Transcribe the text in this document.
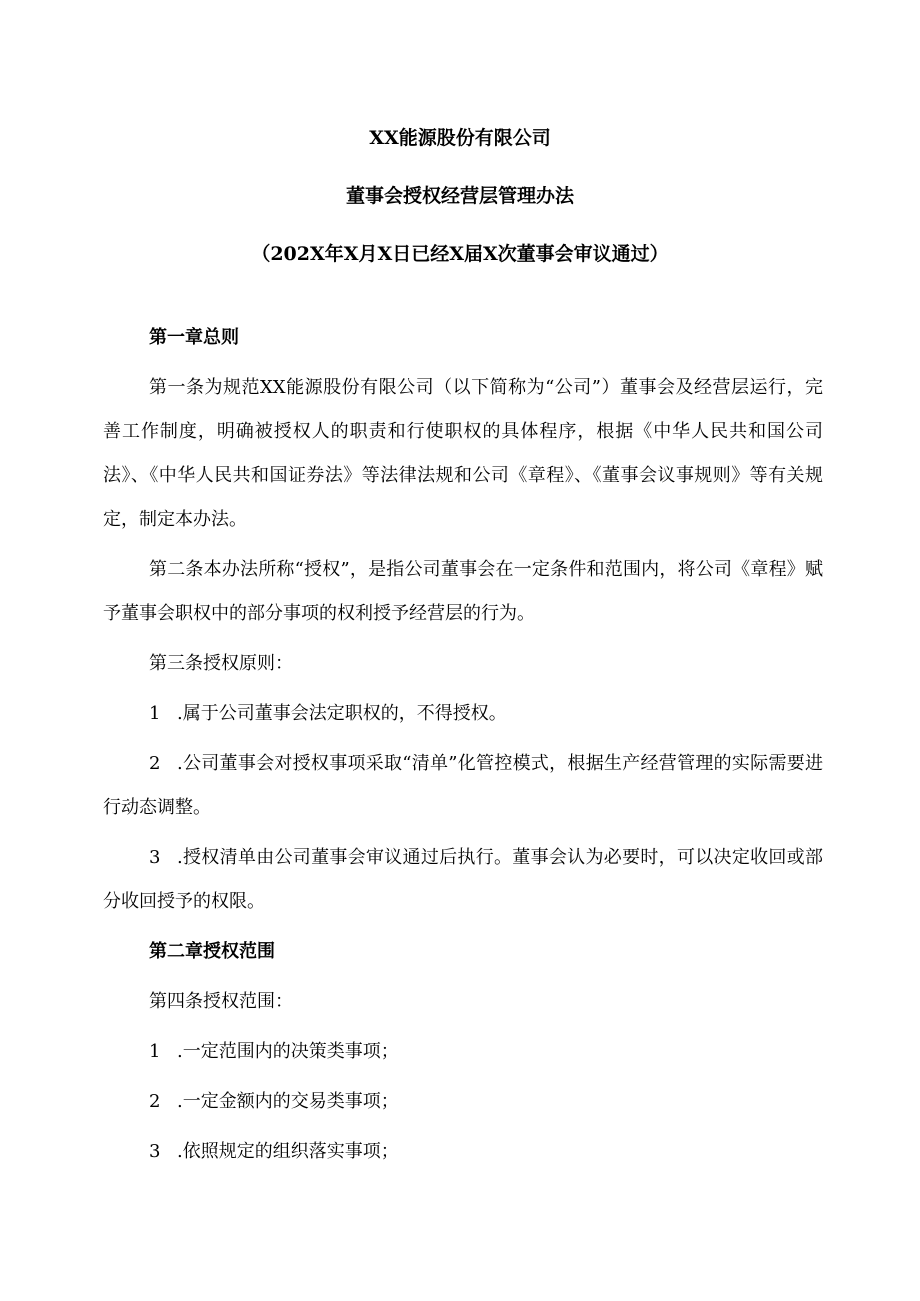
XX能源股份有限公司
董事会授权经营层管理办法
（202X年X月X日已经X届X次董事会审议通过）

第一章总则

第一条为规范XX能源股份有限公司（以下简称为“公司”）董事会及经营层运行，完善工作制度，明确被授权人的职责和行使职权的具体程序，根据《中华人民共和国公司法》、《中华人民共和国证券法》等法律法规和公司《章程》、《董事会议事规则》等有关规定，制定本办法。

第二条本办法所称“授权”，是指公司董事会在一定条件和范围内，将公司《章程》赋予董事会职权中的部分事项的权利授予经营层的行为。

第三条授权原则：

1 .属于公司董事会法定职权的，不得授权。

2 .公司董事会对授权事项采取“清单”化管控模式，根据生产经营管理的实际需要进行动态调整。

3 .授权清单由公司董事会审议通过后执行。董事会认为必要时，可以决定收回或部分收回授予的权限。

第二章授权范围

第四条授权范围：

1 .一定范围内的决策类事项；

2 .一定金额内的交易类事项；

3 .依照规定的组织落实事项；
